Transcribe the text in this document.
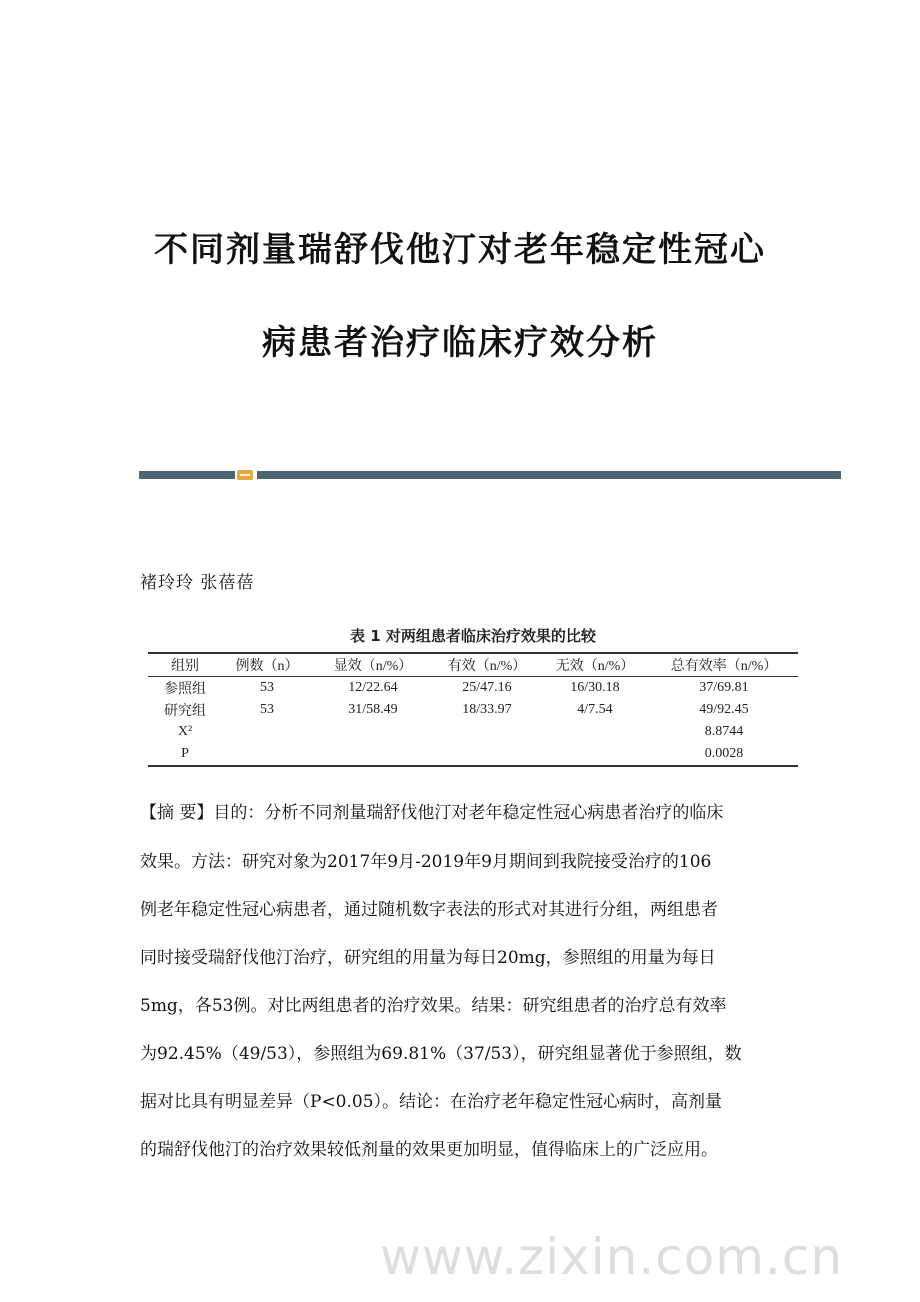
不同剂量瑞舒伐他汀对老年稳定性冠心
病患者治疗临床疗效分析
褚玲玲 张蓓蓓
www.zixin.com.cn
表 1 对两组患者临床治疗效果的比较
组别	例数（n）	显效（n/%）	有效（n/%）	无效（n/%）	总有效率（n/%）
参照组	53	12/22.64	25/47.16	16/30.18	37/69.81
研究组	53	31/58.49	18/33.97	4/7.54	49/92.45
X²					8.8744
P					0.0028
【摘 要】目的：分析不同剂量瑞舒伐他汀对老年稳定性冠心病患者治疗的临床
效果。方法：研究对象为2017年9月-2019年9月期间到我院接受治疗的106
例老年稳定性冠心病患者，通过随机数字表法的形式对其进行分组，两组患者
同时接受瑞舒伐他汀治疗，研究组的用量为每日20mg，参照组的用量为每日
5mg，各53例。对比两组患者的治疗效果。结果：研究组患者的治疗总有效率
为92.45%（49/53），参照组为69.81%（37/53），研究组显著优于参照组，数
据对比具有明显差异（P<0.05）。结论：在治疗老年稳定性冠心病时，高剂量
的瑞舒伐他汀的治疗效果较低剂量的效果更加明显，值得临床上的广泛应用。
